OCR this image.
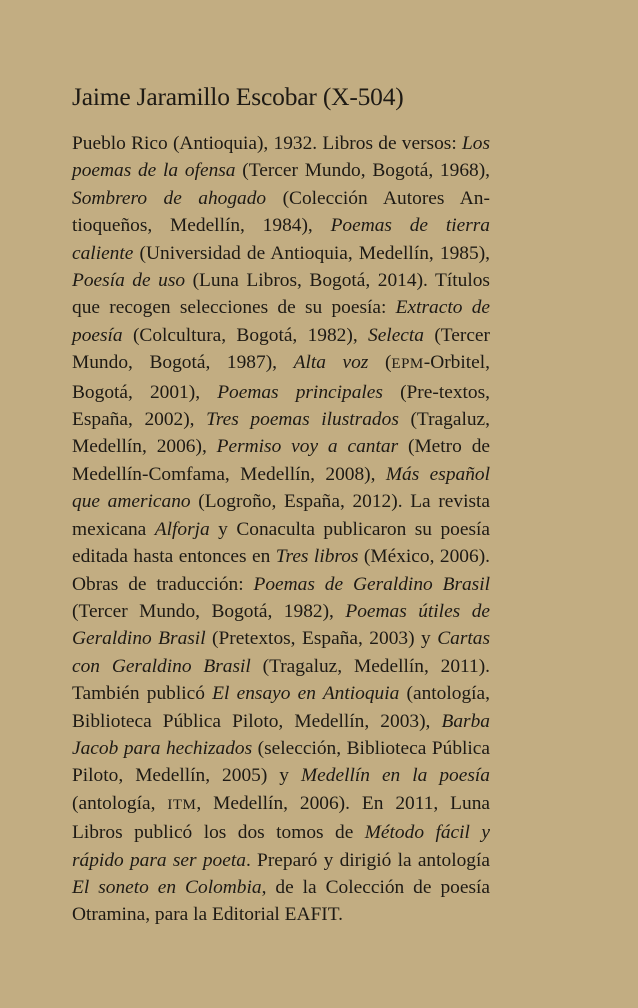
Jaime Jaramillo Escobar (X-504)

Pueblo Rico (Antioquia), 1932. Libros de versos: Los poemas de la ofensa (Tercer Mundo, Bogotá, 1968), Sombrero de ahogado (Colección Autores Antioqueños, Medellín, 1984), Poemas de tierra caliente (Universidad de Antioquia, Medellín, 1985), Poesía de uso (Luna Libros, Bogotá, 2014). Títulos que recogen selecciones de su poesía: Extracto de poesía (Colcultura, Bogotá, 1982), Selecta (Tercer Mundo, Bogotá, 1987), Alta voz (EPM-Orbitel, Bogotá, 2001), Poemas principales (Pre-textos, España, 2002), Tres poemas ilustrados (Tragaluz, Medellín, 2006), Permiso voy a cantar (Metro de Medellín-Comfama, Medellín, 2008), Más español que americano (Logroño, España, 2012). La revista mexicana Alforja y Conaculta publicaron su poesía editada hasta entonces en Tres libros (México, 2006). Obras de traducción: Poemas de Geraldino Brasil (Tercer Mundo, Bogotá, 1982), Poemas útiles de Geraldino Brasil (Pretextos, España, 2003) y Cartas con Geraldino Brasil (Tragaluz, Medellín, 2011). También publicó El ensayo en Antioquia (antología, Biblioteca Pública Piloto, Medellín, 2003), Barba Jacob para hechizados (selección, Biblioteca Pública Piloto, Medellín, 2005) y Medellín en la poesía (antología, ITM, Medellín, 2006). En 2011, Luna Libros publicó los dos tomos de Método fácil y rápido para ser poeta. Preparó y dirigió la antología El soneto en Colombia, de la Colección de poesía Otramina, para la Editorial EAFIT.
